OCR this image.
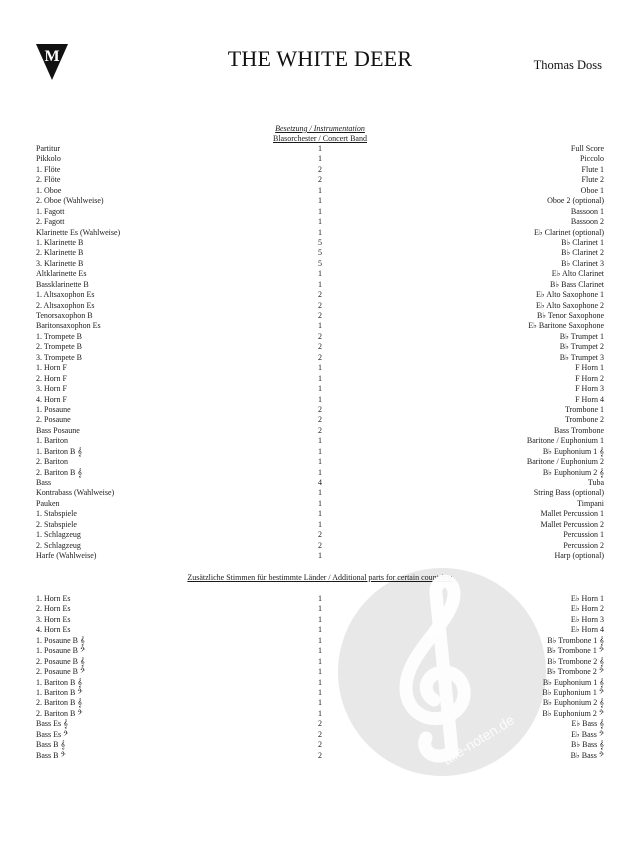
M	THE WHITE DEER	Thomas Doss
Besetzung / Instrumentation
Blasorchester / Concert Band
Partitur	1	Full Score
Pikkolo	1	Piccolo
1. Flöte	2	Flute 1
2. Flöte	2	Flute 2
1. Oboe	1	Oboe 1
2. Oboe (Wahlweise)	1	Oboe 2 (optional)
1. Fagott	1	Bassoon 1
2. Fagott	1	Bassoon 2
Klarinette Es (Wahlweise)	1	E♭ Clarinet (optional)
1. Klarinette B	5	B♭ Clarinet 1
2. Klarinette B	5	B♭ Clarinet 2
3. Klarinette B	5	B♭ Clarinet 3
Altklarinette Es	1	E♭ Alto Clarinet
Bassklarinette B	1	B♭ Bass Clarinet
1. Altsaxophon Es	2	E♭ Alto Saxophone 1
2. Altsaxophon Es	2	E♭ Alto Saxophone 2
Tenorsaxophon B	2	B♭ Tenor Saxophone
Baritonsaxophon Es	1	E♭ Baritone Saxophone
1. Trompete B	2	B♭ Trumpet 1
2. Trompete B	2	B♭ Trumpet 2
3. Trompete B	2	B♭ Trumpet 3
1. Horn F	1	F Horn 1
2. Horn F	1	F Horn 2
3. Horn F	1	F Horn 3
4. Horn F	1	F Horn 4
1. Posaune	2	Trombone 1
2. Posaune	2	Trombone 2
Bass Posaune	2	Bass Trombone
1. Bariton	1	Baritone / Euphonium 1
1. Bariton B 𝄞	1	B♭ Euphonium 1 𝄞
2. Bariton	1	Baritone / Euphonium 2
2. Bariton B 𝄞	1	B♭ Euphonium 2 𝄞
Bass	4	Tuba
Kontrabass (Wahlweise)	1	String Bass (optional)
Pauken	1	Timpani
1. Stabspiele	1	Mallet Percussion 1
2. Stabspiele	1	Mallet Percussion 2
1. Schlagzeug	2	Percussion 1
2. Schlagzeug	2	Percussion 2
Harfe (Wahlweise)	1	Harp (optional)
Zusätzliche Stimmen für bestimmte Länder / Additional parts for certain countries:
1. Horn Es	1	E♭ Horn 1
2. Horn Es	1	E♭ Horn 2
3. Horn Es	1	E♭ Horn 3
4. Horn Es	1	E♭ Horn 4
1. Posaune B 𝄞	1	B♭ Trombone 1 𝄞
1. Posaune B 𝄢	1	B♭ Trombone 1 𝄢
2. Posaune B 𝄞	1	B♭ Trombone 2 𝄞
2. Posaune B 𝄢	1	B♭ Trombone 2 𝄢
1. Bariton B 𝄞	1	B♭ Euphonium 1 𝄞
1. Bariton B 𝄢	1	B♭ Euphonium 1 𝄢
2. Bariton B 𝄞	1	B♭ Euphonium 2 𝄞
2. Bariton B 𝄢	1	B♭ Euphonium 2 𝄢
Bass Es 𝄞	2	E♭ Bass 𝄞
Bass Es 𝄢	2	E♭ Bass 𝄢
Bass B 𝄞	2	B♭ Bass 𝄞
Bass B 𝄢	2	B♭ Bass 𝄢
alle-noten.de
